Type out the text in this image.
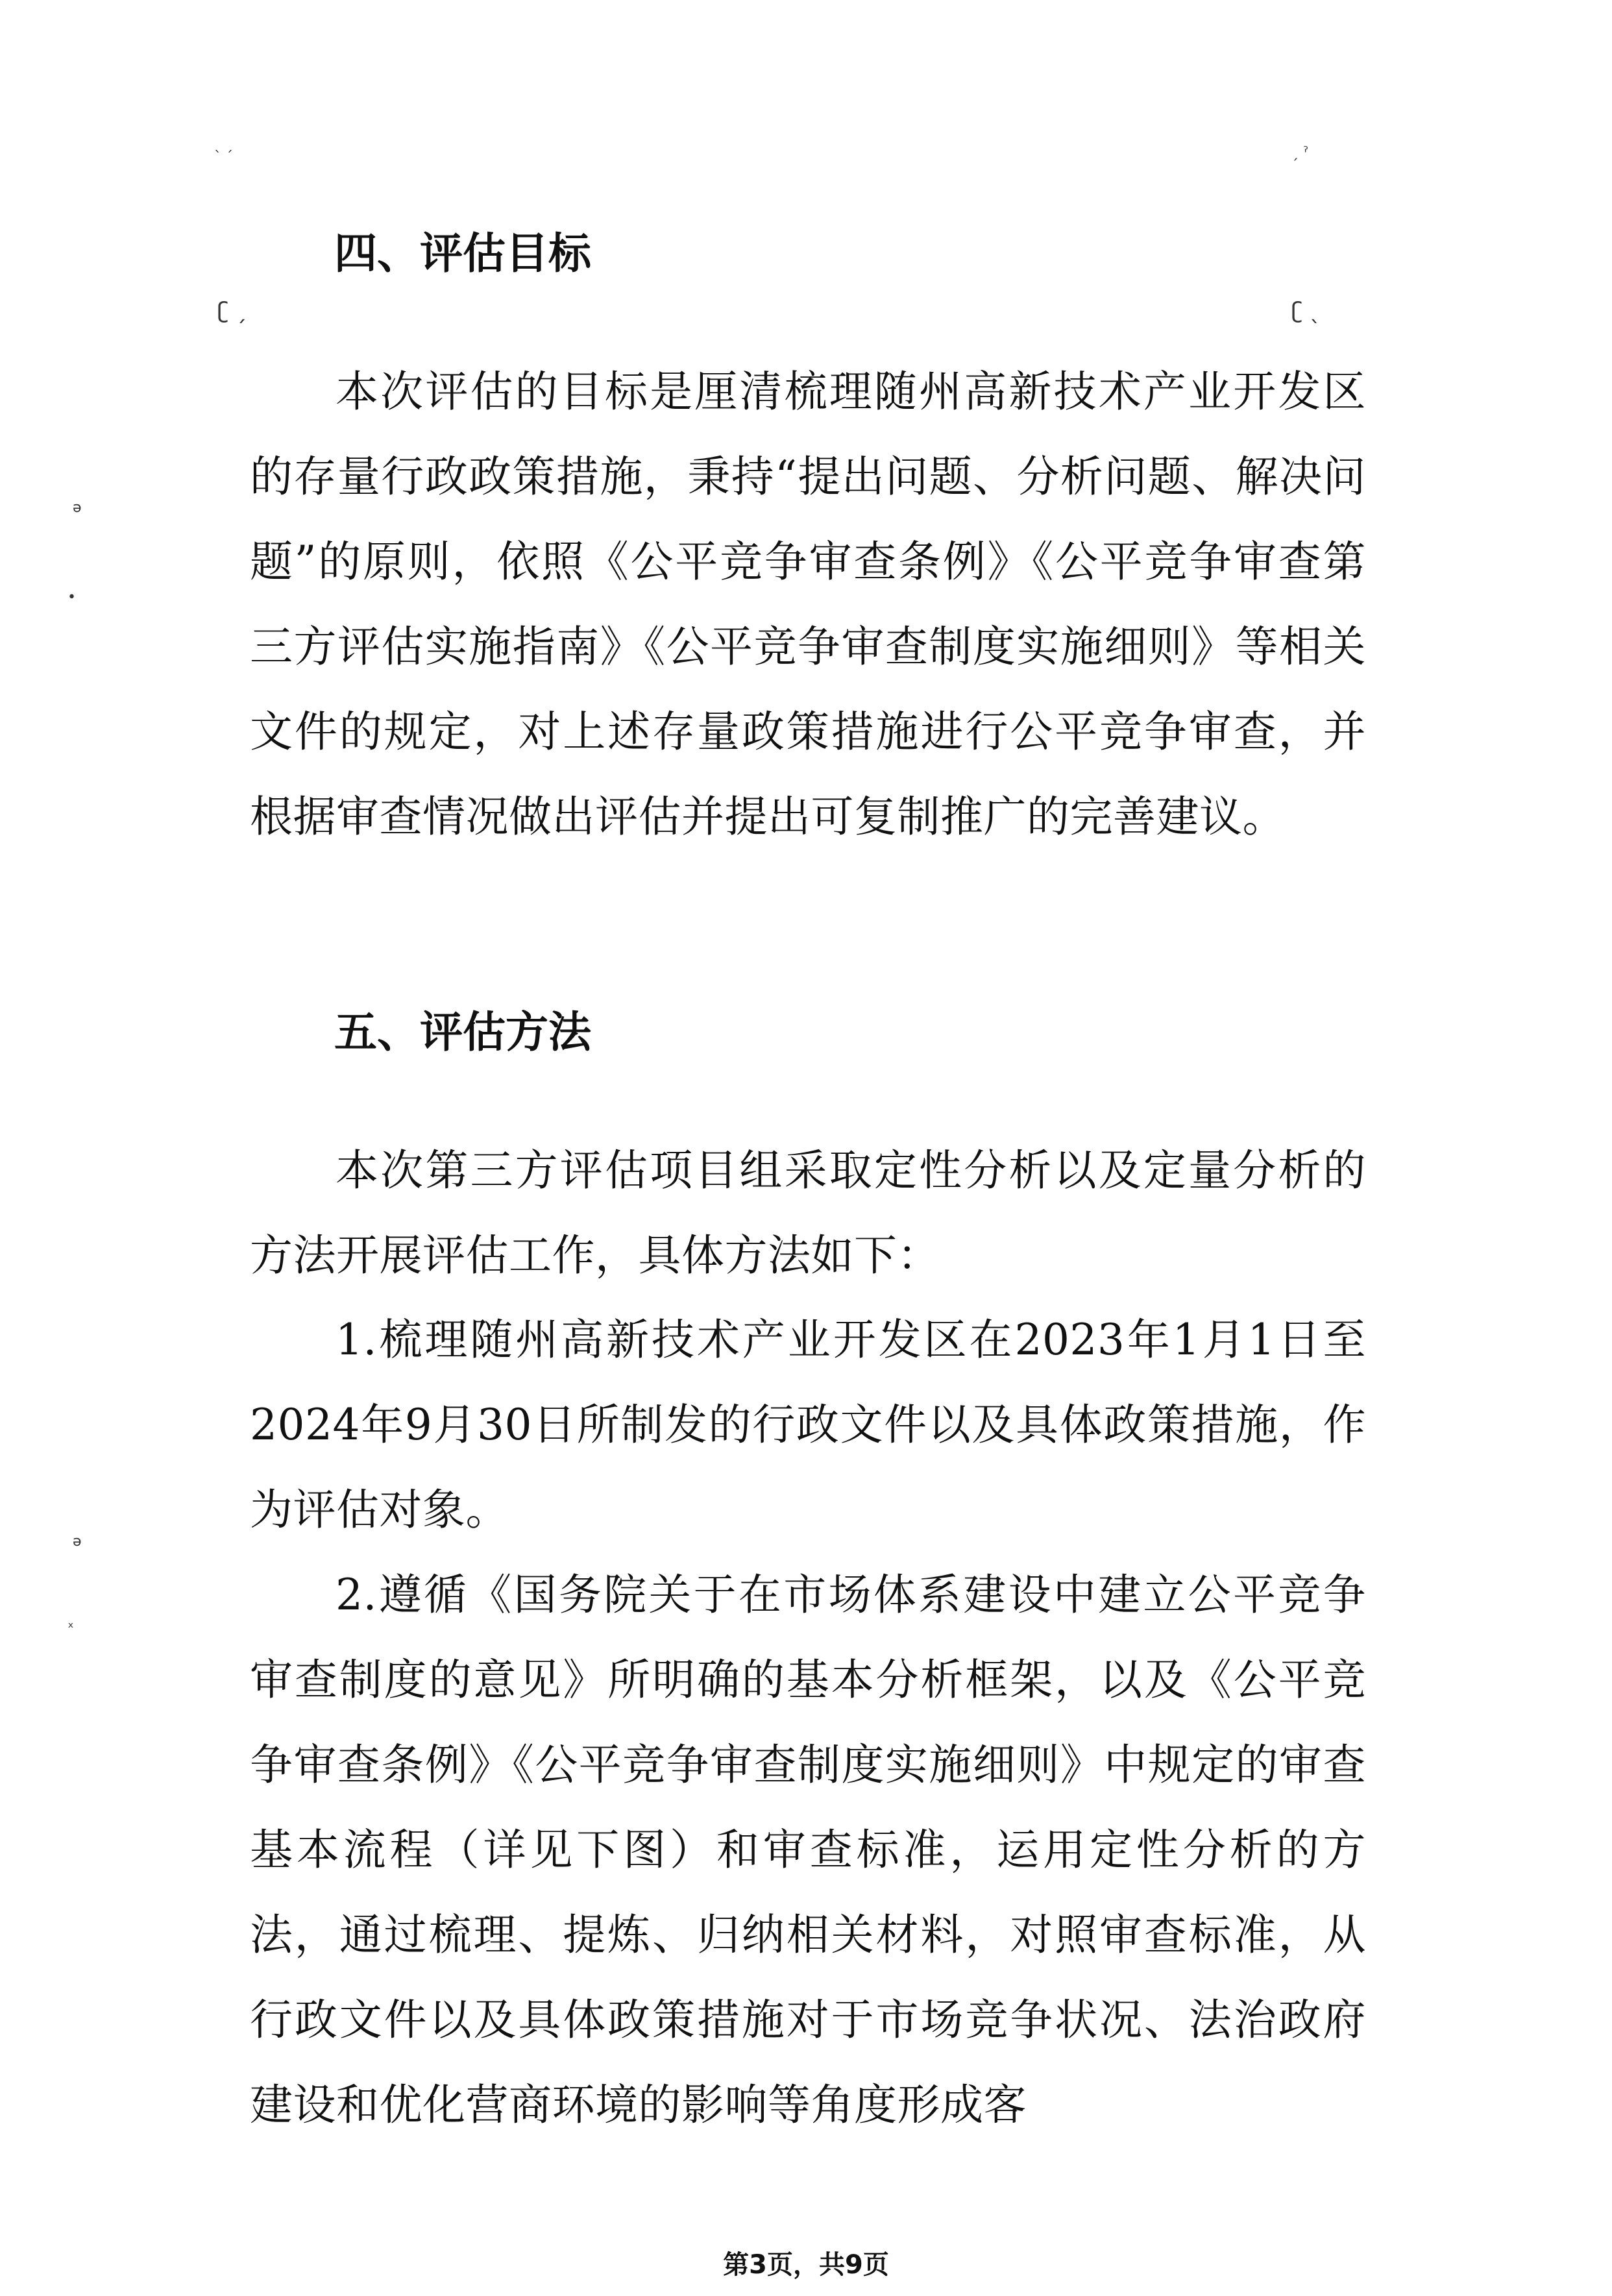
` ˊ	ˏ ˀ
ʗ ˏ	ʗ ˎ
ə
•
ə
ˣ
四、评估目标

本次评估的目标是厘清梳理随州高新技术产业开发区的存量行政政策措施，秉持“提出问题、分析问题、解决问题”的原则，依照《公平竞争审查条例》《公平竞争审查第三方评估实施指南》《公平竞争审查制度实施细则》等相关文件的规定，对上述存量政策措施进行公平竞争审查，并根据审查情况做出评估并提出可复制推广的完善建议。

五、评估方法

本次第三方评估项目组采取定性分析以及定量分析的方法开展评估工作，具体方法如下：

1.梳理随州高新技术产业开发区在2023年1月1日至2024年9月30日所制发的行政文件以及具体政策措施，作为评估对象。

2.遵循《国务院关于在市场体系建设中建立公平竞争审查制度的意见》所明确的基本分析框架，以及《公平竞争审查条例》《公平竞争审查制度实施细则》中规定的审查基本流程（详见下图）和审查标准，运用定性分析的方法，通过梳理、提炼、归纳相关材料，对照审查标准，从行政文件以及具体政策措施对于市场竞争状况、法治政府建设和优化营商环境的影响等角度形成客

第3页，共9页
